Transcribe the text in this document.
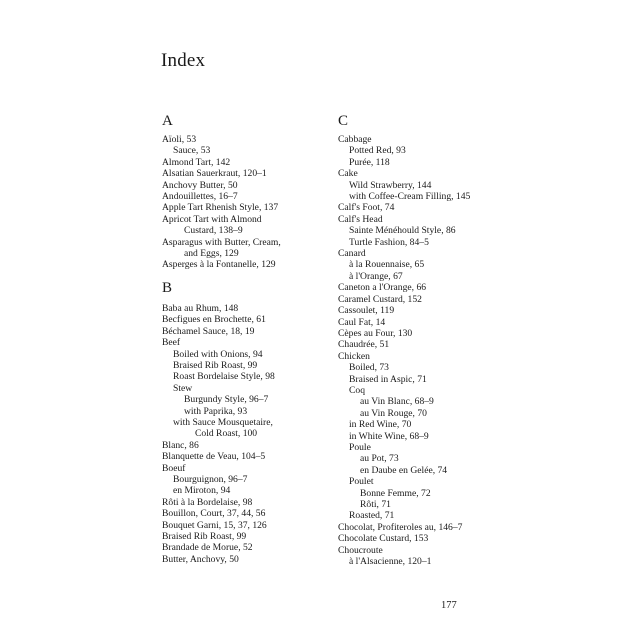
Index
A
Aïoli, 53
Sauce, 53
Almond Tart, 142
Alsatian Sauerkraut, 120–1
Anchovy Butter, 50
Andouillettes, 16–7
Apple Tart Rhenish Style, 137
Apricot Tart with Almond
Custard, 138–9
Asparagus with Butter, Cream,
and Eggs, 129
Asperges à la Fontanelle, 129
B
Baba au Rhum, 148
Becfigues en Brochette, 61
Béchamel Sauce, 18, 19
Beef
Boiled with Onions, 94
Braised Rib Roast, 99
Roast Bordelaise Style, 98
Stew
Burgundy Style, 96–7
with Paprika, 93
with Sauce Mousquetaire,
Cold Roast, 100
Blanc, 86
Blanquette de Veau, 104–5
Boeuf
Bourguignon, 96–7
en Miroton, 94
Rôti à la Bordelaise, 98
Bouillon, Court, 37, 44, 56
Bouquet Garni, 15, 37, 126
Braised Rib Roast, 99
Brandade de Morue, 52
Butter, Anchovy, 50
C
Cabbage
Potted Red, 93
Purée, 118
Cake
Wild Strawberry, 144
with Coffee-Cream Filling, 145
Calf's Foot, 74
Calf's Head
Sainte Ménéhould Style, 86
Turtle Fashion, 84–5
Canard
à la Rouennaise, 65
à l'Orange, 67
Caneton a l'Orange, 66
Caramel Custard, 152
Cassoulet, 119
Caul Fat, 14
Cèpes au Four, 130
Chaudrée, 51
Chicken
Boiled, 73
Braised in Aspic, 71
Coq
au Vin Blanc, 68–9
au Vin Rouge, 70
in Red Wine, 70
in White Wine, 68–9
Poule
au Pot, 73
en Daube en Gelée, 74
Poulet
Bonne Femme, 72
Rôti, 71
Roasted, 71
Chocolat, Profiteroles au, 146–7
Chocolate Custard, 153
Choucroute
à l'Alsacienne, 120–1
177
